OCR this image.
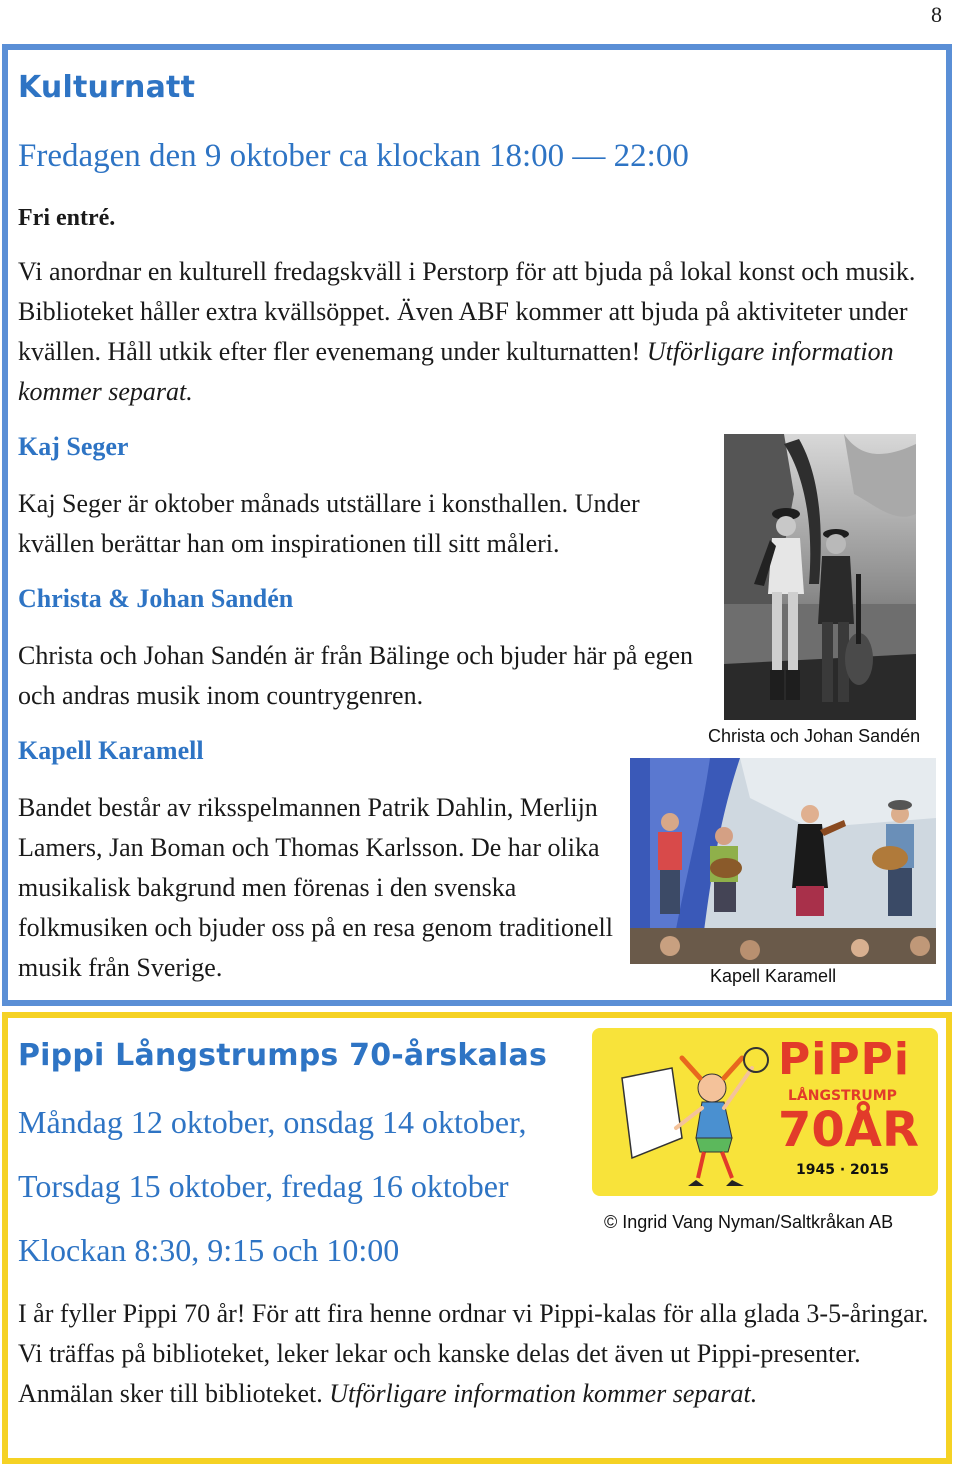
8
Kulturnatt
Fredagen den 9 oktober ca klockan 18:00 — 22:00
Fri entré.
Vi anordnar en kulturell fredagskväll i Perstorp för att bjuda på lokal konst och musik. Biblioteket håller extra kvällsöppet. Även ABF kommer att bjuda på aktiviteter under kvällen. Håll utkik efter fler evenemang under kulturnatten! Utförligare information kommer separat.
Kaj Seger
Kaj Seger är oktober månads utställare i konsthallen. Under kvällen berättar han om inspirationen till sitt måleri.
Christa & Johan Sandén
Christa och Johan Sandén är från Bälinge och bjuder här på egen och andras musik inom countrygenren.
Kapell Karamell
Bandet består av riksspelmannen Patrik Dahlin, Merlijn Lamers, Jan Boman och Thomas Karlsson. De har olika musikalisk bakgrund men förenas i den svenska folkmusiken och bjuder oss på en resa genom traditionell musik från Sverige.
Christa och Johan Sandén
Kapell Karamell
Pippi Långstrumps 70-årskalas
Måndag 12 oktober, onsdag 14 oktober,
Torsdag 15 oktober, fredag 16 oktober
Klockan 8:30, 9:15 och 10:00
PiPPi
LÅNGSTRUMP
70ÅR
1945 · 2015
© Ingrid Vang Nyman/Saltkråkan AB
I år fyller Pippi 70 år! För att fira henne ordnar vi Pippi-kalas för alla glada 3-5-åringar. Vi träffas på biblioteket, leker lekar och kanske delas det även ut Pippi-presenter. Anmälan sker till biblioteket. Utförligare information kommer separat.
